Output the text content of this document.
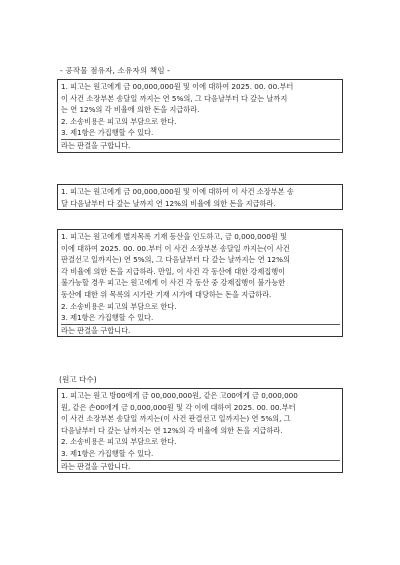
- 공작물 점유자, 소유자의 책임 -
1. 피고는 원고에게 금 00,000,000원 및 이에 대하여 2025. 00. 00.부터
이 사건 소장부본 송달일 까지는 연 5%의, 그 다음날부터 다 갚는 날까지
는 연 12%의 각 비율에 의한 돈을 지급하라.
2. 소송비용은 피고의 부담으로 한다.
3. 제1항은 가집행할 수 있다.
라는 판결을 구합니다.
1. 피고는 원고에게 금 00,000,000원 및 이에 대하여 이 사건 소장부본 송
달 다음날부터 다 갚는 날까지 연 12%의 비율에 의한 돈을 지급하라.
1. 피고는 원고에게 별지목록 기재 동산을 인도하고, 금 0,000,000원 및
이에 대하여 2025. 00. 00.부터 이 사건 소장부본 송달일 까지는(이 사건
판결선고 일까지는) 연 5%의, 그 다음날부터 다 갚는 날까지는 연 12%의
각 비율에 의한 돈을 지급하라. 만일, 이 사건 각 동산에 대한 강제집행이
불가능할 경우 피고는 원고에게 이 사건 각 동산 중 강제집행이 불가능한
동산에 대한 위 목록의 시가란 기재 시가에 대당하는 돈을 지급하라.
2. 소송비용은 피고의 부담으로 한다.
3. 제1항은 가집행할 수 있다.
라는 판결을 구합니다.
(원고 다수)
1. 피고는 원고 방00에게 금 00,000,000원, 같은 고00에게 금 0,000,000
원, 같은 손00에게 금 0,000,000원 및 각 이에 대하여 2025. 00. 00.부터
이 사건 소장부본 송달일 까지는(이 사건 판결선고 일까지는) 연 5%의, 그
다음날부터 다 갚는 날까지는 연 12%의 각 비율에 의한 돈을 지급하라.
2. 소송비용은 피고의 부담으로 한다.
3. 제1항은 가집행할 수 있다.
라는 판결을 구합니다.
